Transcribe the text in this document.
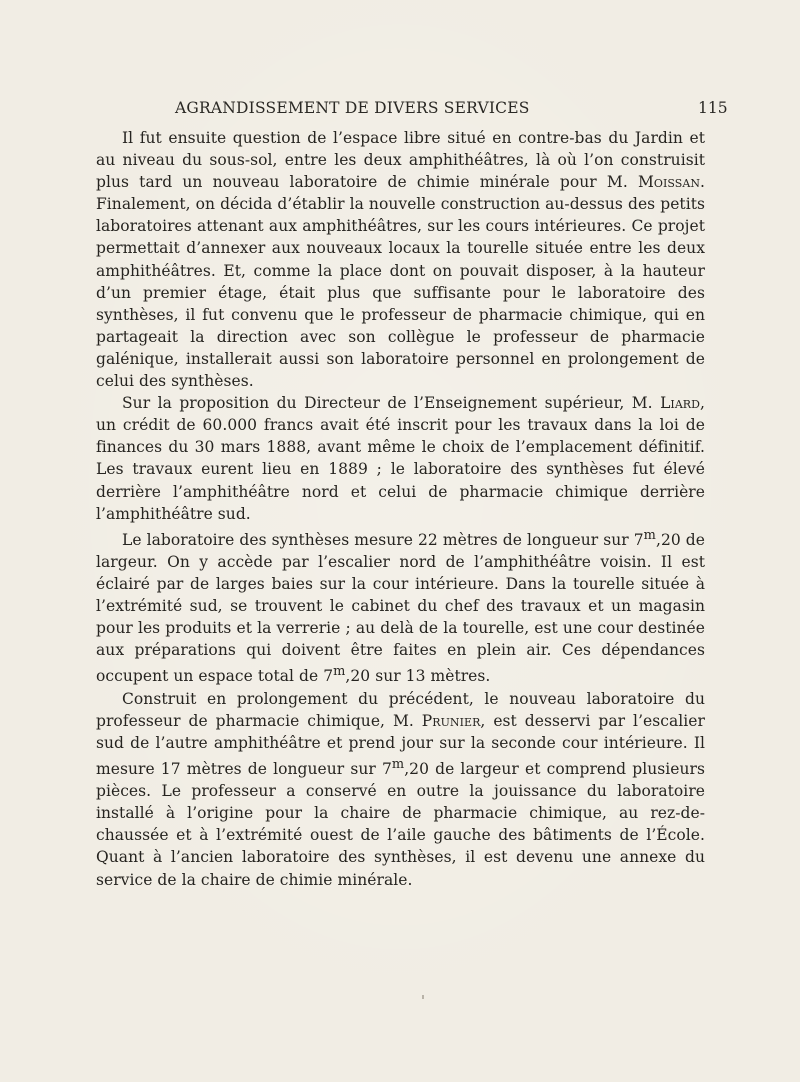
AGRANDISSEMENT DE DIVERS SERVICES	115

Il fut ensuite question de l’espace libre situé en contre-bas du Jardin et au niveau du sous-sol, entre les deux amphithéâtres, là où l’on construisit plus tard un nouveau laboratoire de chimie minérale pour M. Moissan. Finalement, on décida d’établir la nouvelle construction au-dessus des petits laboratoires attenant aux amphithéâtres, sur les cours intérieures. Ce projet permettait d’annexer aux nouveaux locaux la tourelle située entre les deux amphithéâtres. Et, comme la place dont on pouvait disposer, à la hauteur d’un premier étage, était plus que suffisante pour le laboratoire des synthèses, il fut convenu que le professeur de pharmacie chimique, qui en partageait la direction avec son collègue le professeur de pharmacie galénique, installerait aussi son laboratoire personnel en prolongement de celui des synthèses.

Sur la proposition du Directeur de l’Enseignement supérieur, M. Liard, un crédit de 60.000 francs avait été inscrit pour les travaux dans la loi de finances du 30 mars 1888, avant même le choix de l’emplacement définitif. Les travaux eurent lieu en 1889 ; le laboratoire des synthèses fut élevé derrière l’amphithéâtre nord et celui de pharmacie chimique derrière l’amphithéâtre sud.

Le laboratoire des synthèses mesure 22 mètres de longueur sur 7$^m$,20 de largeur. On y accède par l’escalier nord de l’amphithéâtre voisin. Il est éclairé par de larges baies sur la cour intérieure. Dans la tourelle située à l’extrémité sud, se trouvent le cabinet du chef des travaux et un magasin pour les produits et la verrerie ; au delà de la tourelle, est une cour destinée aux préparations qui doivent être faites en plein air. Ces dépendances occupent un espace total de 7$^m$,20 sur 13 mètres.

Construit en prolongement du précédent, le nouveau laboratoire du professeur de pharmacie chimique, M. Prunier, est desservi par l’escalier sud de l’autre amphithéâtre et prend jour sur la seconde cour intérieure. Il mesure 17 mètres de longueur sur 7$^m$,20 de largeur et comprend plusieurs pièces. Le professeur a conservé en outre la jouissance du laboratoire installé à l’origine pour la chaire de pharmacie chimique, au rez-de-chaussée et à l’extrémité ouest de l’aile gauche des bâtiments de l’École. Quant à l’ancien laboratoire des synthèses, il est devenu une annexe du service de la chaire de chimie minérale.
